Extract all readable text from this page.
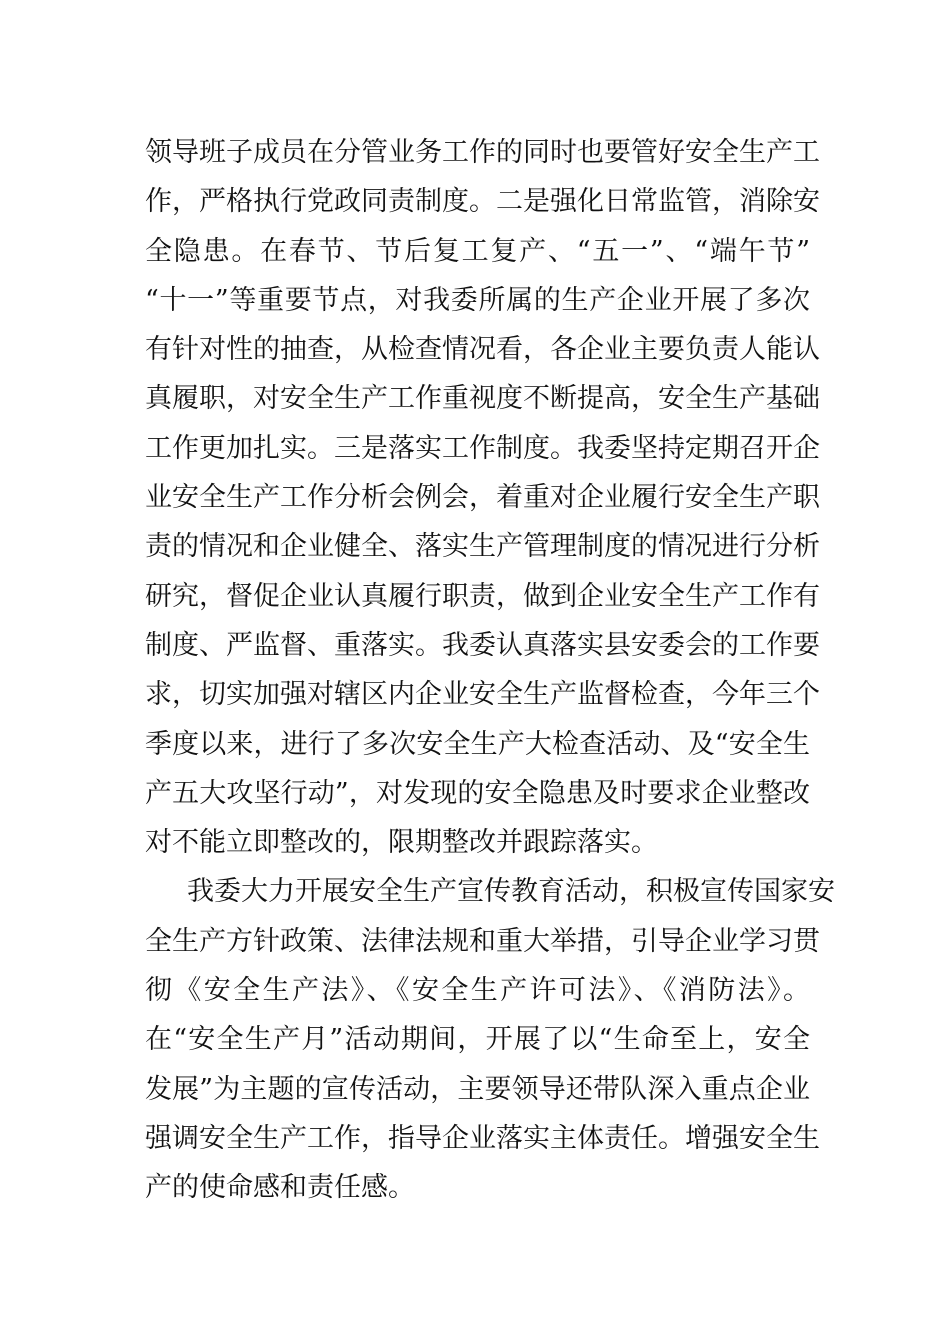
领导班子成员在分管业务工作的同时也要管好安全生产工
作，严格执行党政同责制度。二是强化日常监管，消除安
全隐患。在春节、节后复工复产、“五一”、“端午节”
“十一”等重要节点，对我委所属的生产企业开展了多次
有针对性的抽查，从检查情况看，各企业主要负责人能认
真履职，对安全生产工作重视度不断提高，安全生产基础
工作更加扎实。三是落实工作制度。我委坚持定期召开企
业安全生产工作分析会例会，着重对企业履行安全生产职
责的情况和企业健全、落实生产管理制度的情况进行分析
研究，督促企业认真履行职责，做到企业安全生产工作有
制度、严监督、重落实。我委认真落实县安委会的工作要
求，切实加强对辖区内企业安全生产监督检查，今年三个
季度以来，进行了多次安全生产大检查活动、及“安全生
产五大攻坚行动”，对发现的安全隐患及时要求企业整改
对不能立即整改的，限期整改并跟踪落实。
我委大力开展安全生产宣传教育活动，积极宣传国家安
全生产方针政策、法律法规和重大举措，引导企业学习贯
彻《安全生产法》、《安全生产许可法》、《消防法》。
在“安全生产月”活动期间，开展了以“生命至上，安全
发展”为主题的宣传活动，主要领导还带队深入重点企业
强调安全生产工作，指导企业落实主体责任。增强安全生
产的使命感和责任感。
